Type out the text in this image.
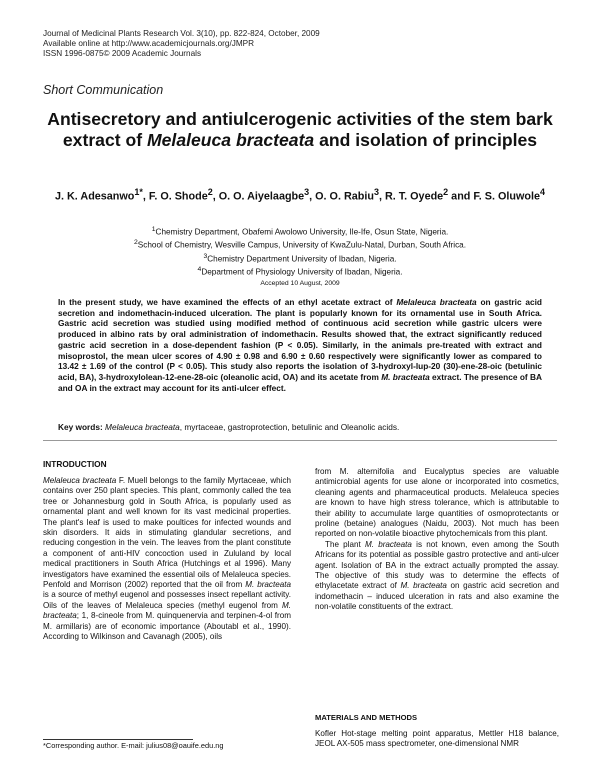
Journal of Medicinal Plants Research Vol. 3(10), pp. 822-824, October, 2009
Available online at http://www.academicjournals.org/JMPR
ISSN 1996-0875© 2009 Academic Journals
Short Communication
Antisecretory and antiulcerogenic activities of the stem bark extract of Melaleuca bracteata and isolation of principles
J. K. Adesanwo$^{1*}$, F. O. Shode$^2$, O. O. Aiyelaagbe$^3$, O. O. Rabiu$^3$, R. T. Oyede$^2$ and F. S. Oluwole$^4$
$^1$Chemistry Department, Obafemi Awolowo University, Ile-Ife, Osun State, Nigeria.
$^2$School of Chemistry, Wesville Campus, University of KwaZulu-Natal, Durban, South Africa.
$^3$Chemistry Department University of Ibadan, Nigeria.
$^4$Department of Physiology University of Ibadan, Nigeria.
Accepted 10 August, 2009
In the present study, we have examined the effects of an ethyl acetate extract of Melaleuca bracteata on gastric acid secretion and indomethacin-induced ulceration. The plant is popularly known for its ornamental use in South Africa. Gastric acid secretion was studied using modified method of continuous acid secretion while gastric ulcers were produced in albino rats by oral administration of indomethacin. Results showed that, the extract significantly reduced gastric acid secretion in a dose-dependent fashion (P < 0.05). Similarly, in the animals pre-treated with extract and misoprostol, the mean ulcer scores of 4.90 ± 0.98 and 6.90 ± 0.60 respectively were significantly lower as compared to 13.42 ± 1.69 of the control (P < 0.05). This study also reports the isolation of 3-hydroxyl-lup-20 (30)-ene-28-oic (betulinic acid, BA), 3-hydroxylolean-12-ene-28-oic (oleanolic acid, OA) and its acetate from M. bracteata extract. The presence of BA and OA in the extract may account for its anti-ulcer effect.
Key words: Melaleuca bracteata, myrtaceae, gastroprotection, betulinic and Oleanolic acids.
INTRODUCTION

Melaleuca bracteata F. Muell belongs to the family Myrtaceae, which contains over 250 plant species. This plant, commonly called the tea tree or Johannesburg gold in South Africa, is popularly used as ornamental plant and well known for its vast medicinal properties. The plant's leaf is used to make poultices for infected wounds and skin disorders. It aids in stimulating glandular secretions, and reducing congestion in the vein. The leaves from the plant constitute a component of anti-HIV concoction used in Zululand by local medical practitioners in South Africa (Hutchings et al 1996). Many investigators have examined the essential oils of Melaleuca species. Penfold and Morrison (2002) reported that the oil from M. bracteata is a source of methyl eugenol and possesses insect repellant activity. Oils of the leaves of Melaleuca species (methyl eugenol from M. bracteata; 1, 8-cineole from M. quinquenervia and terpinen-4-ol from M. armillaris) are of economic importance (Aboutabl et al., 1990). According to Wilkinson and Cavanagh (2005), oils

from M. alternifolia and Eucalyptus species are valuable antimicrobial agents for use alone or incorporated into cosmetics, cleaning agents and pharmaceutical products. Melaleuca species are known to have high stress tolerance, which is attributable to their ability to accumulate large quantities of osmoprotectants or proline (betaine) analogues (Naidu, 2003). Not much has been reported on non-volatile bioactive phytochemicals from this plant.

The plant M. bracteata is not known, even among the South Africans for its potential as possible gastro protective and anti-ulcer agent. Isolation of BA in the extract actually prompted the assay. The objective of this study was to determine the effects of ethylacetate extract of M. bracteata on gastric acid secretion and indomethacin – induced ulceration in rats and also examine the non-volatile constituents of the extract.

MATERIALS AND METHODS
Kofler Hot-stage melting point apparatus, Mettler H18 balance, JEOL AX-505 mass spectrometer, one-dimensional NMR
*Corresponding author. E-mail: julius08@oauife.edu.ng
